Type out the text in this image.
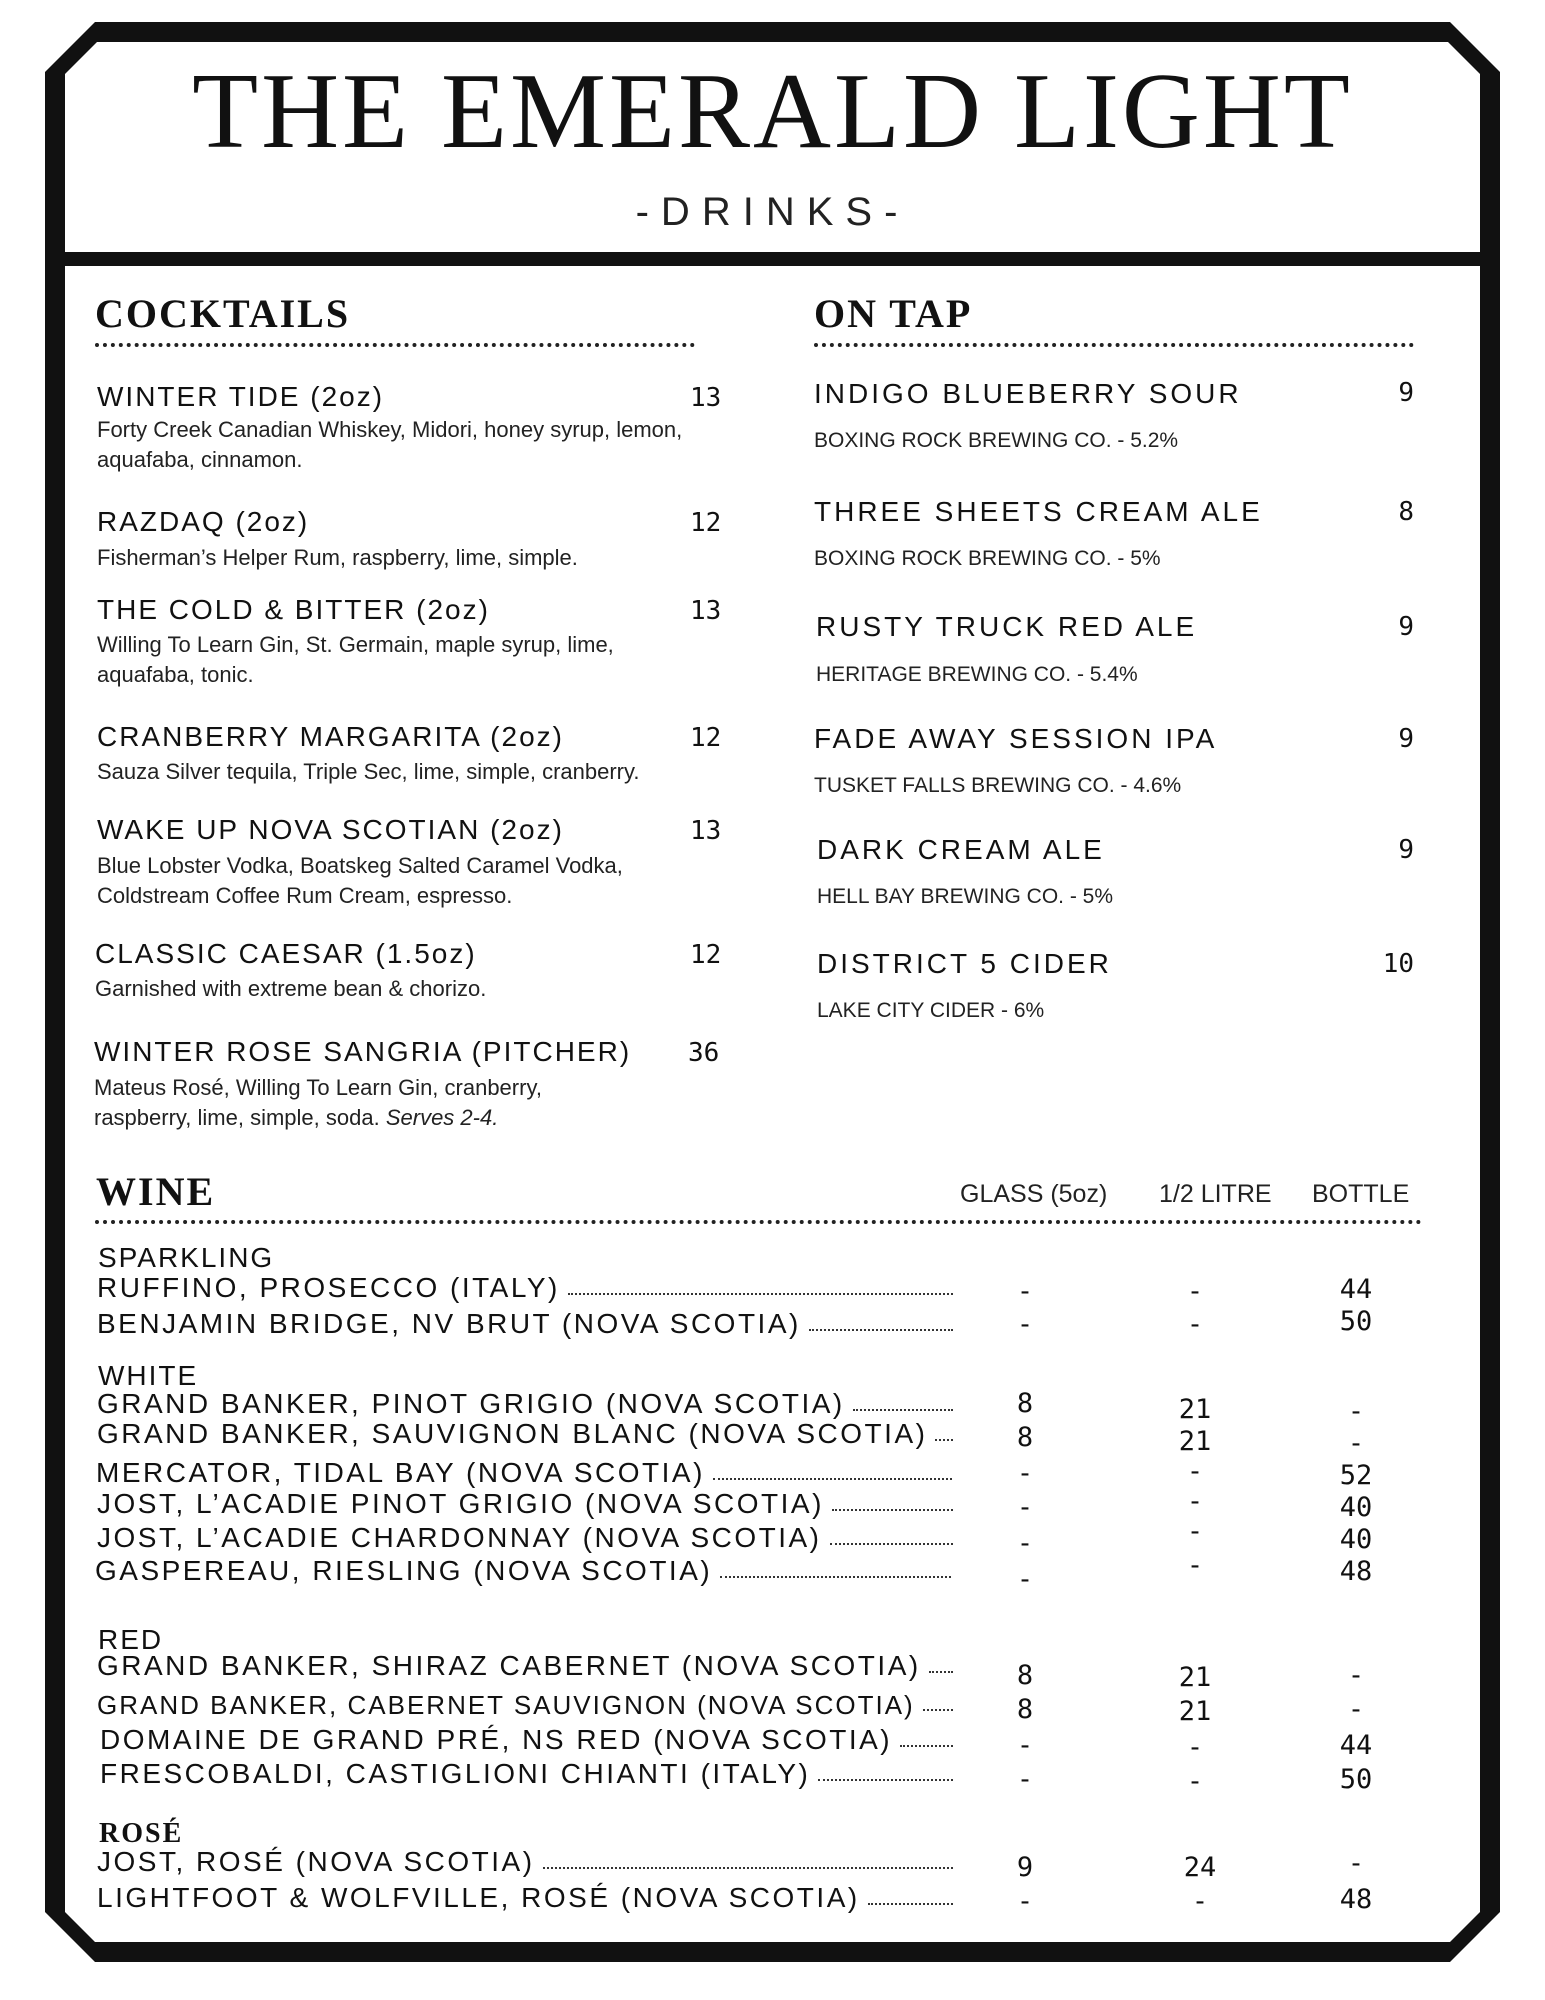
THE EMERALD LIGHT
-DRINKS-
COCKTAILS
WINTER TIDE (2oz)	13
Forty Creek Canadian Whiskey, Midori, honey syrup, lemon, aquafaba, cinnamon.
RAZDAQ (2oz)	12
Fisherman’s Helper Rum, raspberry, lime, simple.
THE COLD & BITTER (2oz)	13
Willing To Learn Gin, St. Germain, maple syrup, lime, aquafaba, tonic.
CRANBERRY MARGARITA (2oz)	12
Sauza Silver tequila, Triple Sec, lime, simple, cranberry.
WAKE UP NOVA SCOTIAN (2oz)	13
Blue Lobster Vodka, Boatskeg Salted Caramel Vodka, Coldstream Coffee Rum Cream, espresso.
CLASSIC CAESAR (1.5oz)	12
Garnished with extreme bean & chorizo.
WINTER ROSE SANGRIA (PITCHER) 36
Mateus Rosé, Willing To Learn Gin, cranberry, raspberry, lime, simple, soda. Serves 2-4.
ON TAP
INDIGO BLUEBERRY SOUR	9
BOXING ROCK BREWING CO. - 5.2%
THREE SHEETS CREAM ALE	8
BOXING ROCK BREWING CO. - 5%
RUSTY TRUCK RED ALE	9
HERITAGE BREWING CO. - 5.4%
FADE AWAY SESSION IPA	9
TUSKET FALLS BREWING CO. - 4.6%
DARK CREAM ALE	9
HELL BAY BREWING CO. - 5%
DISTRICT 5 CIDER	10
LAKE CITY CIDER - 6%
WINE	GLASS (5oz) 1/2 LITRE BOTTLE
SPARKLING
RUFFINO, PROSECCO (ITALY)	-	-	44
BENJAMIN BRIDGE, NV BRUT (NOVA SCOTIA)	-	-	50
WHITE
GRAND BANKER, PINOT GRIGIO (NOVA SCOTIA)	8	21	-
GRAND BANKER, SAUVIGNON BLANC (NOVA SCOTIA)	8	21	-
MERCATOR, TIDAL BAY (NOVA SCOTIA)	-	-	52
JOST, L’ACADIE PINOT GRIGIO (NOVA SCOTIA)	-	-	40
JOST, L’ACADIE CHARDONNAY (NOVA SCOTIA)	-	-	40
GASPEREAU, RIESLING (NOVA SCOTIA)	-	-	48
RED
GRAND BANKER, SHIRAZ CABERNET (NOVA SCOTIA)	8	21	-
GRAND BANKER, CABERNET SAUVIGNON (NOVA SCOTIA)	8	21	-
DOMAINE DE GRAND PRÉ, NS RED (NOVA SCOTIA)	-	-	44
FRESCOBALDI, CASTIGLIONI CHIANTI (ITALY)	-	-	50
ROSÉ
JOST, ROSÉ (NOVA SCOTIA)	9	24	-
LIGHTFOOT & WOLFVILLE, ROSÉ (NOVA SCOTIA)	-	-	48
